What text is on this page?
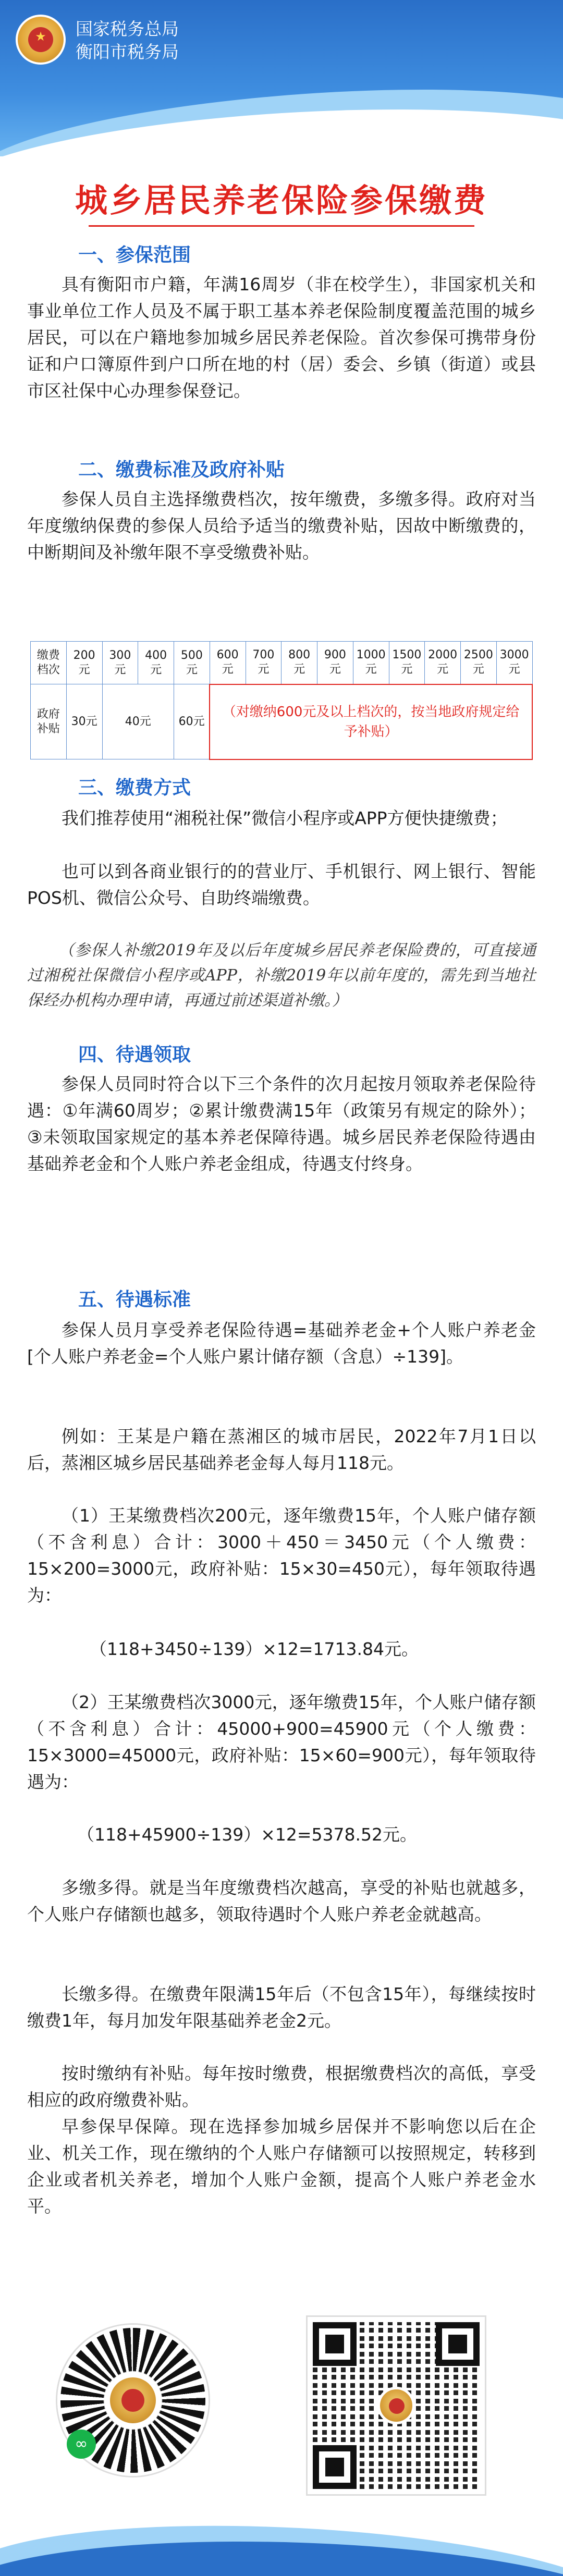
★	国家税务总局
衡阳市税务局
城乡居民养老保险参保缴费
一、参保范围
具有衡阳市户籍，年满16周岁（非在校学生），非国家机关和事业单位工作人员及不属于职工基本养老保险制度覆盖范围的城乡居民，可以在户籍地参加城乡居民养老保险。首次参保可携带身份证和户口簿原件到户口所在地的村（居）委会、乡镇（街道）或县市区社保中心办理参保登记。
二、缴费标准及政府补贴
参保人员自主选择缴费档次，按年缴费，多缴多得。政府对当年度缴纳保费的参保人员给予适当的缴费补贴，因故中断缴费的，中断期间及补缴年限不享受缴费补贴。
缴费档次	200元	300元	400元	500元	600元	700元	800元	900元	1000元	1500元	2000元	2500元	3000元
政府补贴	30元	40元		60元	（对缴纳600元及以上档次的，按当地政府规定给予补贴）								
三、缴费方式
我们推荐使用“湘税社保”微信小程序或APP方便快捷缴费；
也可以到各商业银行的的营业厅、手机银行、网上银行、智能POS机、微信公众号、自助终端缴费。
（参保人补缴2019年及以后年度城乡居民养老保险费的，可直接通过湘税社保微信小程序或APP，补缴2019年以前年度的，需先到当地社保经办机构办理申请，再通过前述渠道补缴。）
四、待遇领取
参保人员同时符合以下三个条件的次月起按月领取养老保险待遇：①年满60周岁；②累计缴费满15年（政策另有规定的除外）；③未领取国家规定的基本养老保障待遇。城乡居民养老保险待遇由基础养老金和个人账户养老金组成，待遇支付终身。
五、待遇标准
参保人员月享受养老保险待遇=基础养老金+个人账户养老金[个人账户养老金=个人账户累计储存额（含息）÷139]。
例如：王某是户籍在蒸湘区的城市居民，2022年7月1日以后，蒸湘区城乡居民基础养老金每人每月118元。
（1）王某缴费档次200元，逐年缴费15年，个人账户储存额（不含利息）合计：3000＋450＝3450元（个人缴费：15×200=3000元，政府补贴：15×30=450元），每年领取待遇为：
（118+3450÷139）×12=1713.84元。
（2）王某缴费档次3000元，逐年缴费15年，个人账户储存额（不含利息）合计：45000+900=45900元（个人缴费：15×3000=45000元，政府补贴：15×60=900元），每年领取待遇为：
（118+45900÷139）×12=5378.52元。
多缴多得。就是当年度缴费档次越高，享受的补贴也就越多，个人账户存储额也越多，领取待遇时个人账户养老金就越高。
长缴多得。在缴费年限满15年后（不包含15年），每继续按时缴费1年，每月加发年限基础养老金2元。
按时缴纳有补贴。每年按时缴费，根据缴费档次的高低，享受相应的政府缴费补贴。
早参保早保障。现在选择参加城乡居保并不影响您以后在企业、机关工作，现在缴纳的个人账户存储额可以按照规定，转移到企业或者机关养老，增加个人账户金额，提高个人账户养老金水平。
∞
